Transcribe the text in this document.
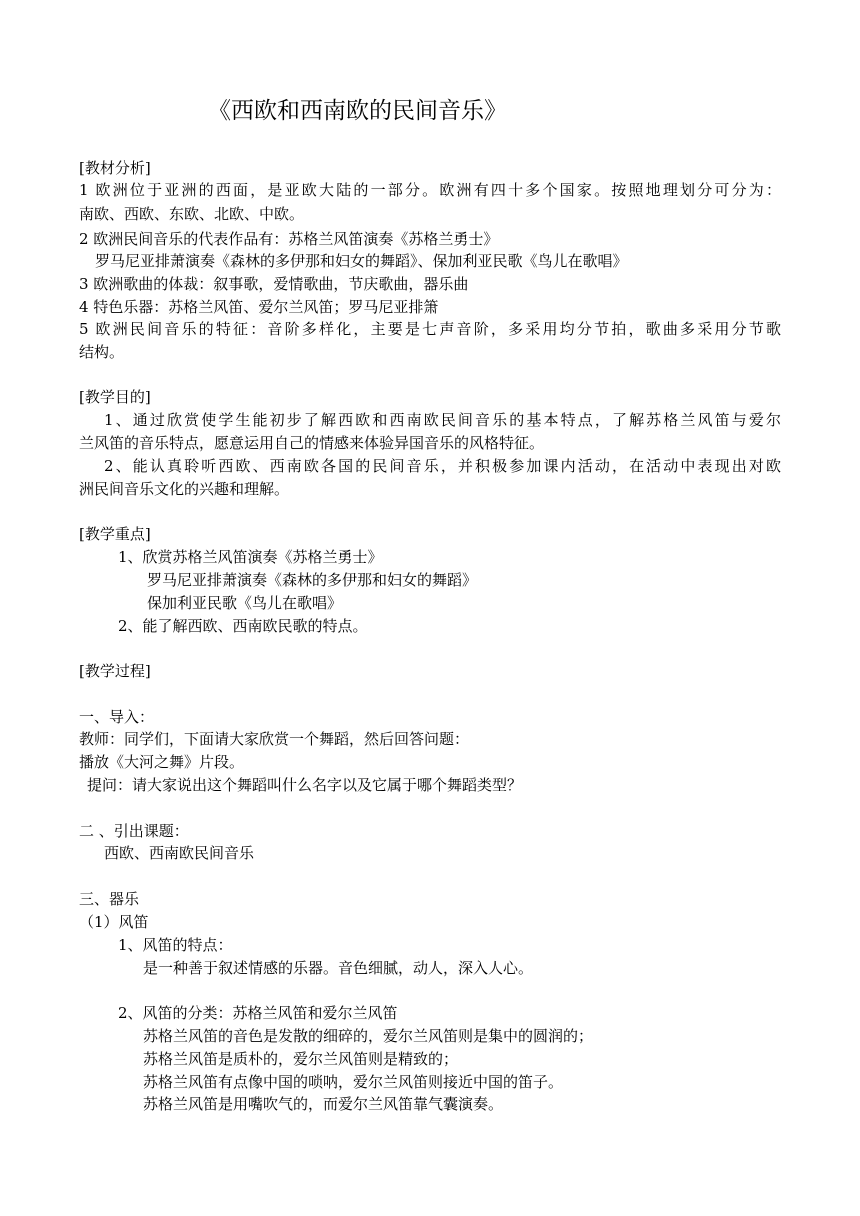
《西欧和西南欧的民间音乐》
[教材分析]
1 欧洲位于亚洲的西面，是亚欧大陆的一部分。欧洲有四十多个国家。按照地理划分可分为：
南欧、西欧、东欧、北欧、中欧。
2 欧洲民间音乐的代表作品有：苏格兰风笛演奏《苏格兰勇士》
罗马尼亚排萧演奏《森林的多伊那和妇女的舞蹈》、保加利亚民歌《鸟儿在歌唱》
3 欧洲歌曲的体裁：叙事歌，爱情歌曲，节庆歌曲，器乐曲
4 特色乐器：苏格兰风笛、爱尔兰风笛；罗马尼亚排箫
5 欧洲民间音乐的特征：音阶多样化，主要是七声音阶，多采用均分节拍，歌曲多采用分节歌
结构。
[教学目的]
1、通过欣赏使学生能初步了解西欧和西南欧民间音乐的基本特点，了解苏格兰风笛与爱尔
兰风笛的音乐特点，愿意运用自己的情感来体验异国音乐的风格特征。
2、能认真聆听西欧、西南欧各国的民间音乐，并积极参加课内活动，在活动中表现出对欧
洲民间音乐文化的兴趣和理解。
[教学重点]
1、欣赏苏格兰风笛演奏《苏格兰勇士》
罗马尼亚排萧演奏《森林的多伊那和妇女的舞蹈》
保加利亚民歌《鸟儿在歌唱》
2、能了解西欧、西南欧民歌的特点。
[教学过程]
一、导入：
教师：同学们，下面请大家欣赏一个舞蹈，然后回答问题：
播放《大河之舞》片段。
提问：请大家说出这个舞蹈叫什么名字以及它属于哪个舞蹈类型？
二 、引出课题：
西欧、西南欧民间音乐
三、器乐
（1）风笛
1、风笛的特点：
是一种善于叙述情感的乐器。音色细腻，动人，深入人心。
2、风笛的分类：苏格兰风笛和爱尔兰风笛
苏格兰风笛的音色是发散的细碎的，爱尔兰风笛则是集中的圆润的；
苏格兰风笛是质朴的，爱尔兰风笛则是精致的；
苏格兰风笛有点像中国的唢呐，爱尔兰风笛则接近中国的笛子。
苏格兰风笛是用嘴吹气的，而爱尔兰风笛靠气囊演奏。
